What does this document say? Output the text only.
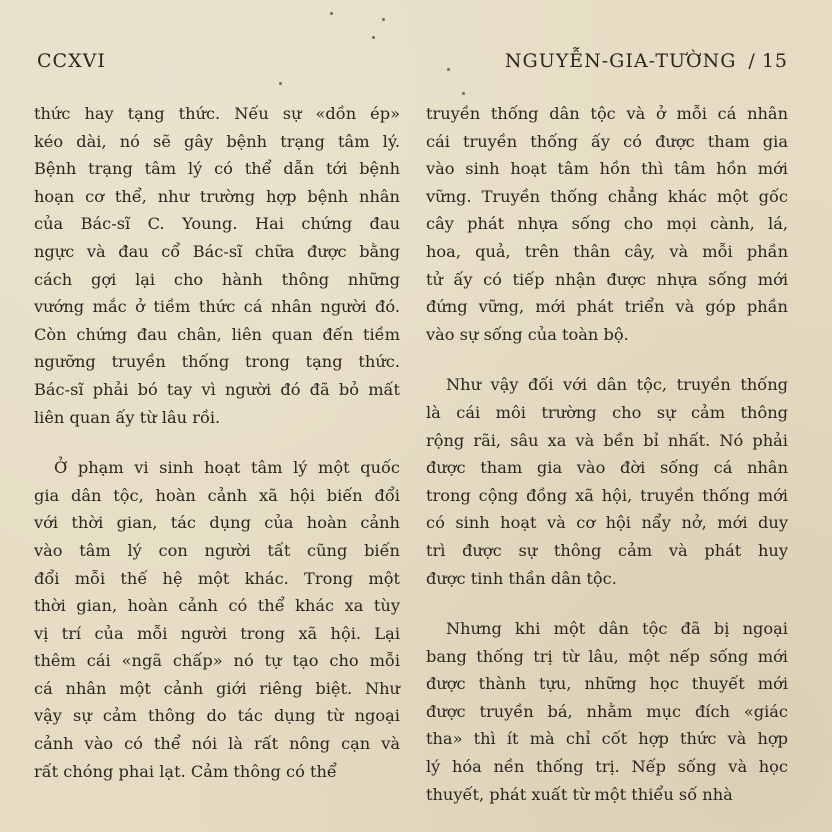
CCXVI	NGUYỄN-GIA-TƯỜNG / 15
thức hay tạng thức. Nếu sự «dồn ép»
kéo dài, nó sẽ gây bệnh trạng tâm lý.
Bệnh trạng tâm lý có thể dẫn tới bệnh
hoạn cơ thể, như trường hợp bệnh nhân
của Bác-sĩ C. Young. Hai chứng đau
ngực và đau cổ Bác-sĩ chữa được bằng
cách gợi lại cho hành thông những
vướng mắc ở tiềm thức cá nhân người đó.
Còn chứng đau chân, liên quan đến tiềm
ngưỡng truyền thống trong tạng thức.
Bác-sĩ phải bó tay vì người đó đã bỏ mất
liên quan ấy từ lâu rồi.
Ở phạm vi sinh hoạt tâm lý một quốc
gia dân tộc, hoàn cảnh xã hội biến đổi
với thời gian, tác dụng của hoàn cảnh
vào tâm lý con người tất cũng biến
đổi mỗi thế hệ một khác. Trong một
thời gian, hoàn cảnh có thể khác xa tùy
vị trí của mỗi người trong xã hội. Lại
thêm cái «ngã chấp» nó tự tạo cho mỗi
cá nhân một cảnh giới riêng biệt. Như
vậy sự cảm thông do tác dụng từ ngoại
cảnh vào có thể nói là rất nông cạn và
rất chóng phai lạt. Cảm thông có thể
truyền thống dân tộc và ở mỗi cá nhân
cái truyền thống ấy có được tham gia
vào sinh hoạt tâm hồn thì tâm hồn mới
vững. Truyền thống chẳng khác một gốc
cây phát nhựa sống cho mọi cành, lá,
hoa, quả, trên thân cây, và mỗi phần
tử ấy có tiếp nhận được nhựa sống mới
đứng vững, mới phát triển và góp phần
vào sự sống của toàn bộ.
Như vậy đối với dân tộc, truyền thống
là cái môi trường cho sự cảm thông
rộng rãi, sâu xa và bền bỉ nhất. Nó phải
được tham gia vào đời sống cá nhân
trong cộng đồng xã hội, truyền thống mới
có sinh hoạt và cơ hội nẩy nở, mới duy
trì được sự thông cảm và phát huy
được tinh thần dân tộc.
Nhưng khi một dân tộc đã bị ngoại
bang thống trị từ lâu, một nếp sống mới
được thành tựu, những học thuyết mới
được truyền bá, nhằm mục đích «giác
tha» thì ít mà chỉ cốt hợp thức và hợp
lý hóa nền thống trị. Nếp sống và học
thuyết, phát xuất từ một thiểu số nhà
